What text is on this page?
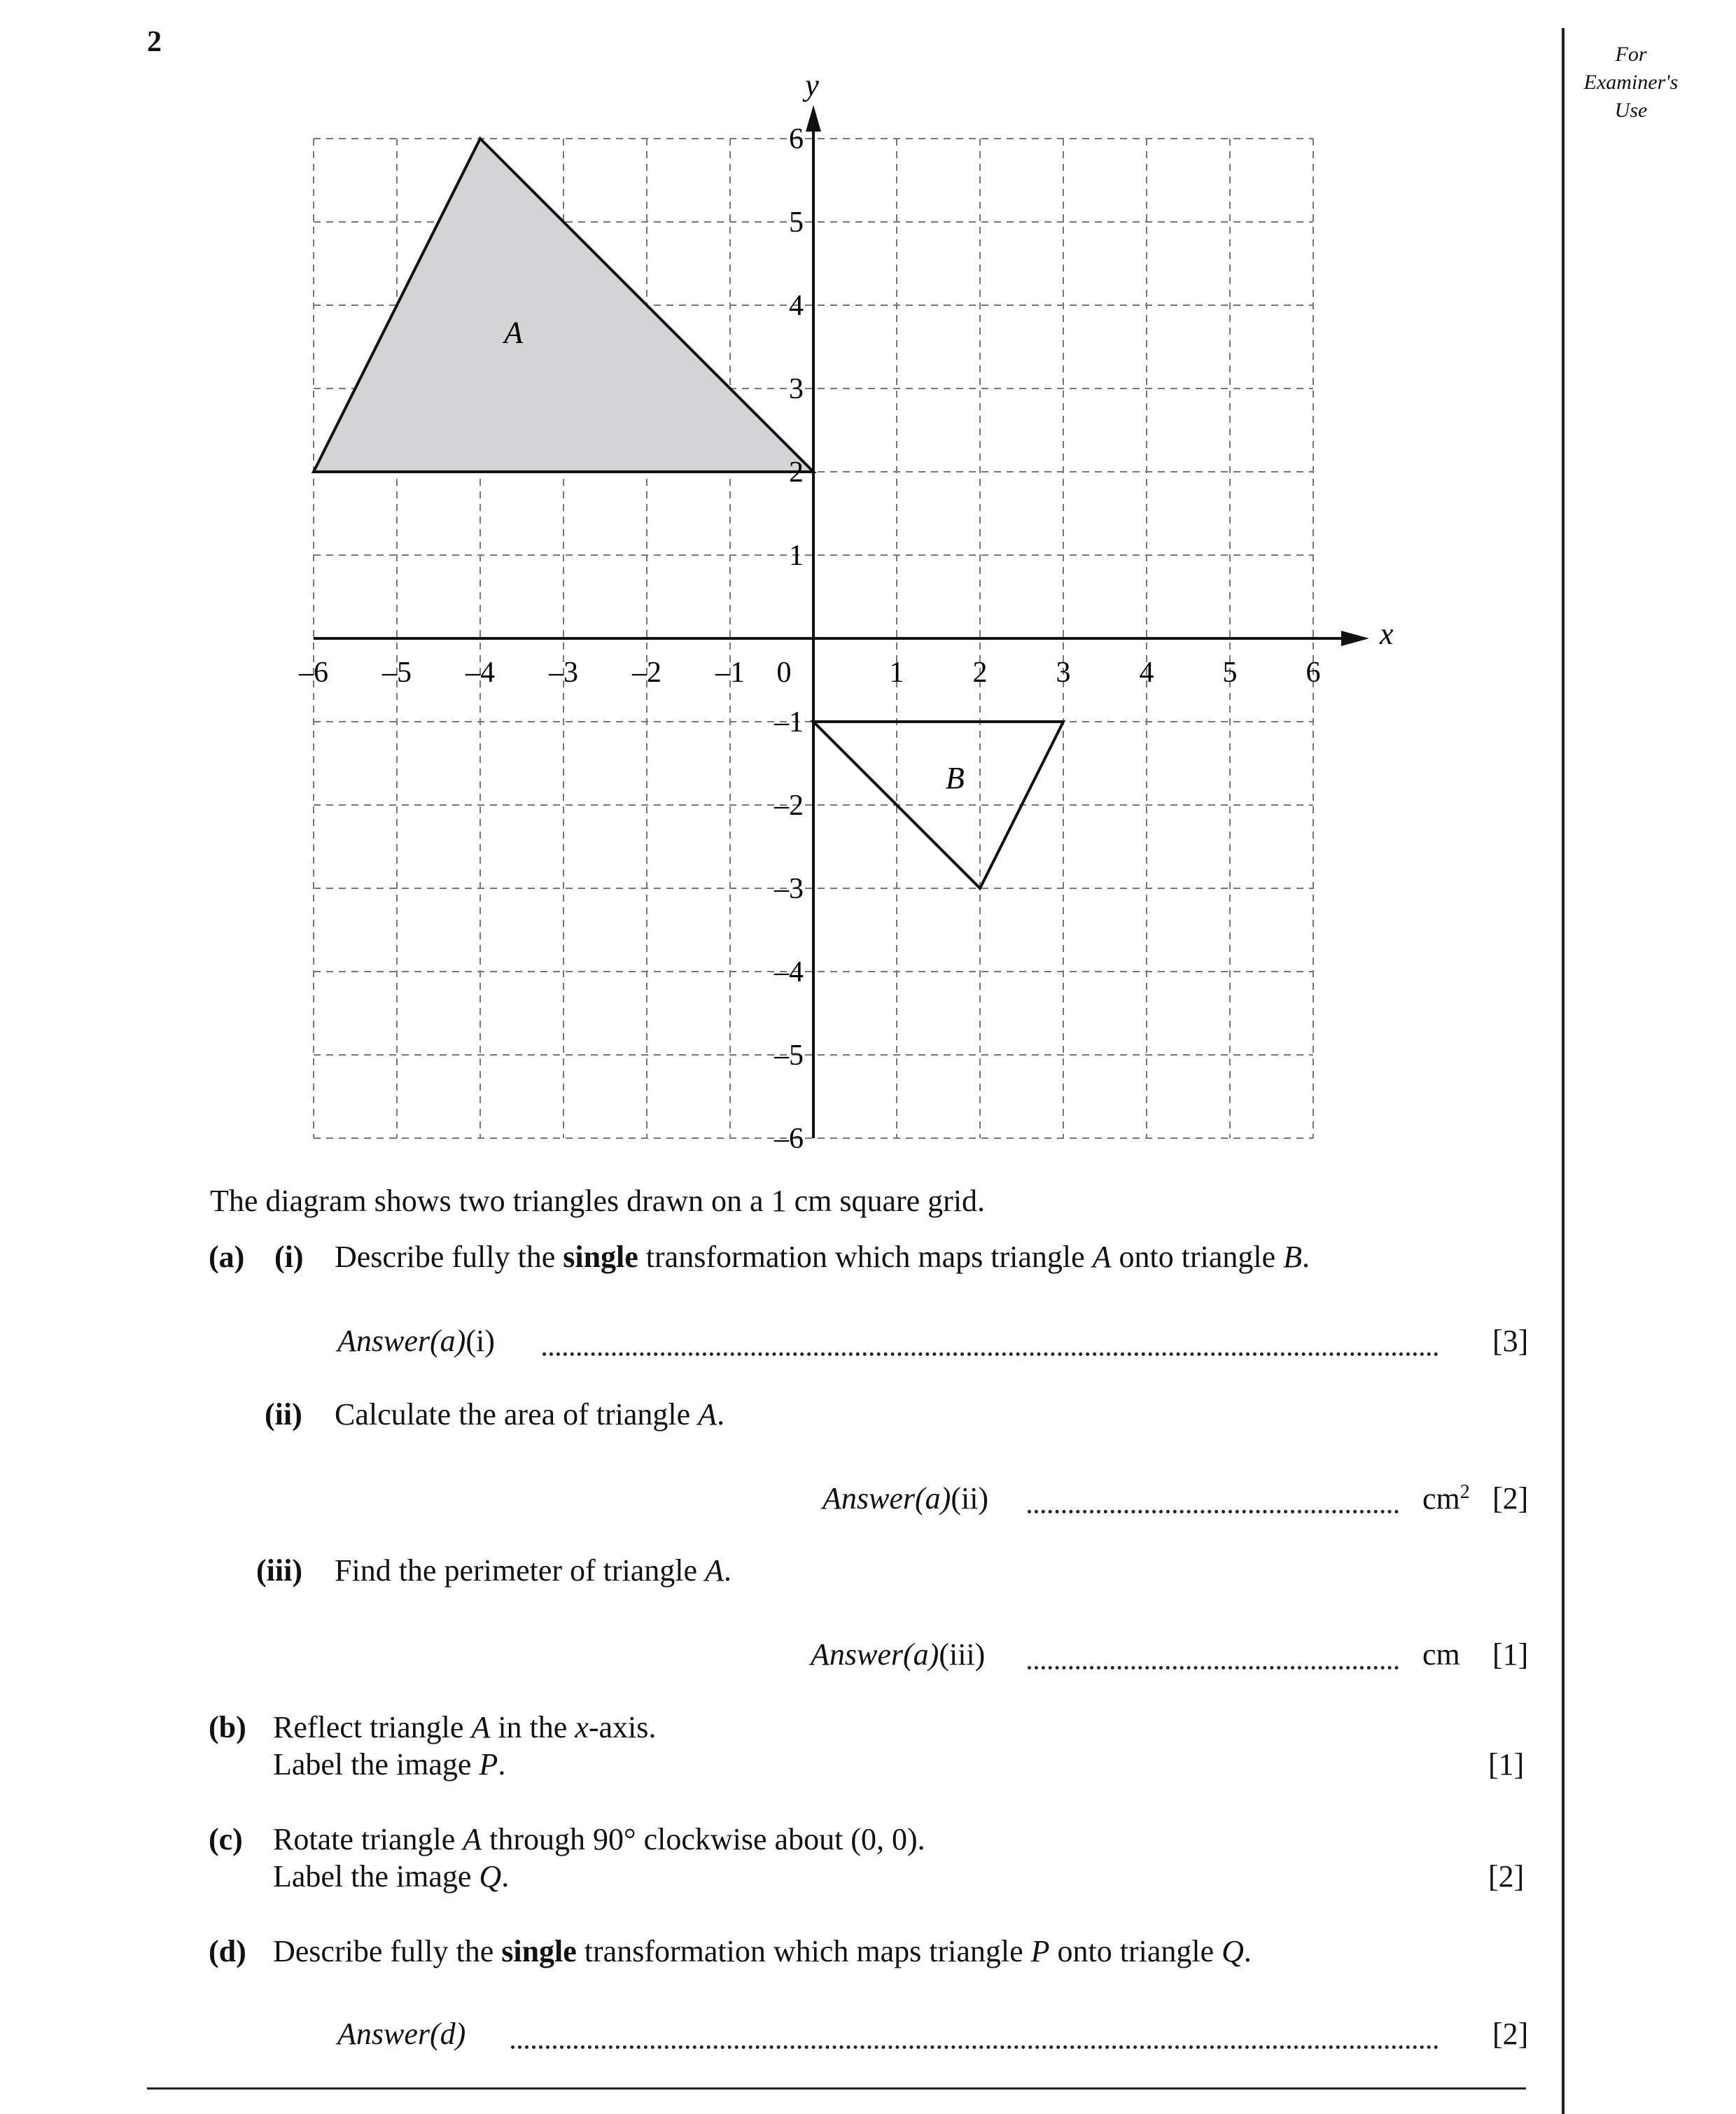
2	For
Examiner's
Use
–6 –5 –4 –3 –2 –1 0	1 2 3 4 5 6
1
2
3
4
5
6
–1
–2
–3
–4
–5
–6
A
B
x
y
The diagram shows two triangles drawn on a 1 cm square grid.
(a) (i) Describe fully the single transformation which maps triangle A onto triangle B.
Answer(a)(i)	[3]
(ii) Calculate the area of triangle A.
Answer(a)(ii)	$cm^2$ [2]
(iii) Find the perimeter of triangle A.
Answer(a)(iii)	cm [1]
(b) Reflect triangle A in the x-axis.
Label the image P.	[1]
(c) Rotate triangle A through 90° clockwise about (0, 0).
Label the image Q.	[2]
(d) Describe fully the single transformation which maps triangle P onto triangle Q.
Answer(d)	[2]
